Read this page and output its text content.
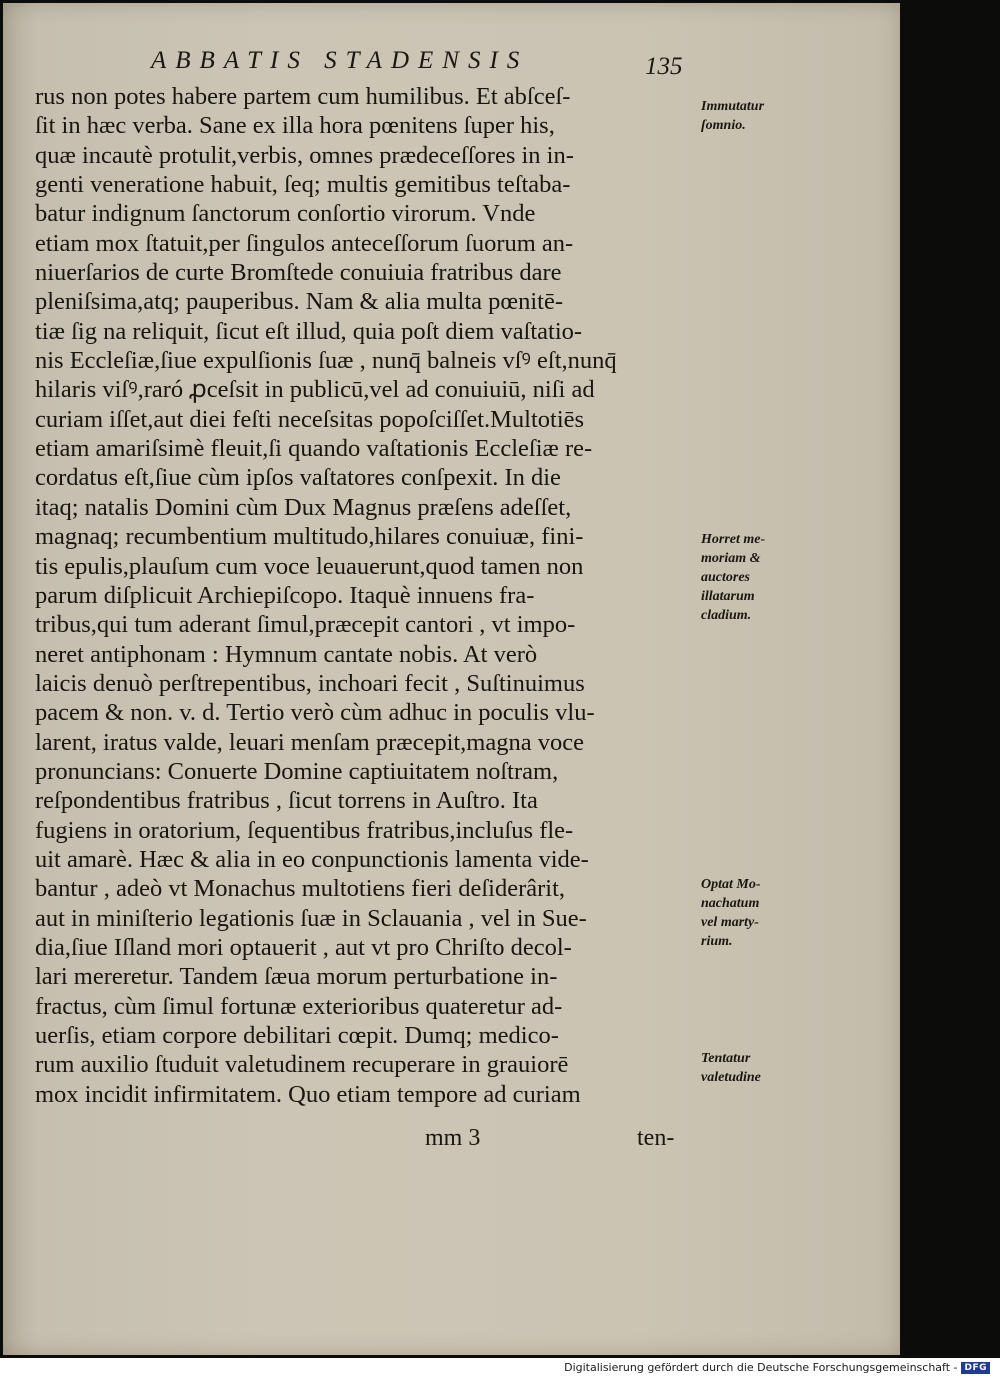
ABBATIS STADENSIS	135
rus non potes habere partem cum humilibus. Et abſceſ-
ſit in hæc verba. Sane ex illa hora pœnitens ſuper his,
quæ incautè protulit,verbis, omnes prædeceſſores in in-
genti veneratione habuit, ſeq; multis gemitibus teſtaba-
batur indignum ſanctorum conſortio virorum. Vnde
etiam mox ſtatuit,per ſingulos anteceſſorum ſuorum an-
niuerſarios de curte Bromſtede conuiuia fratribus dare
pleniſsima,atq; pauperibus. Nam & alia multa pœnitē-
tiæ ſig na reliquit, ſicut eſt illud, quia poſt diem vaſtatio-
nis Eccleſiæ,ſiue expulſionis ſuæ , nunq̄ balneis vſꝰ eſt,nunq̄
hilaris viſꝰ,raró ꝓceſsit in publicū,vel ad conuiuiū, niſi ad
curiam iſſet,aut diei feſti neceſsitas popoſciſſet.Multotiēs
etiam amariſsimè fleuit,ſi quando vaſtationis Eccleſiæ re-
cordatus eſt,ſiue cùm ipſos vaſtatores conſpexit. In die
itaq; natalis Domini cùm Dux Magnus præſens adeſſet,
magnaq; recumbentium multitudo,hilares conuiuæ, fini-
tis epulis,plauſum cum voce leuauerunt,quod tamen non
parum diſplicuit Archiepiſcopo. Itaquè innuens fra-
tribus,qui tum aderant ſimul,præcepit cantori , vt impo-
neret antiphonam : Hymnum cantate nobis. At verò
laicis denuò perſtrepentibus, inchoari fecit , Suſtinuimus
pacem & non. v. d. Tertio verò cùm adhuc in poculis vlu-
larent, iratus valde, leuari menſam præcepit,magna voce
pronuncians: Conuerte Domine captiuitatem noſtram,
reſpondentibus fratribus , ſicut torrens in Auſtro. Ita
fugiens in oratorium, ſequentibus fratribus,incluſus fle-
uit amarè. Hæc & alia in eo conpunctionis lamenta vide-
bantur , adeò vt Monachus multotiens fieri deſiderârit,
aut in miniſterio legationis ſuæ in Sclauania , vel in Sue-
dia,ſiue Iſland mori optauerit , aut vt pro Chriſto decol-
lari mereretur. Tandem ſæua morum perturbatione in-
fractus, cùm ſimul fortunæ exterioribus quateretur ad-
uerſis, etiam corpore debilitari cœpit. Dumq; medico-
rum auxilio ſtuduit valetudinem recuperare in grauiorē
mox incidit infirmitatem. Quo etiam tempore ad curiam
mm 3	ten-
Immutatur
ſomnio.
Horret me-
moriam &
auctores
illatarum
cladium.
Optat Mo-
nachatum
vel marty-
rium.
Tentatur
valetudine
Digitalisierung gefördert durch die Deutsche Forschungsgemeinschaft - DFG
